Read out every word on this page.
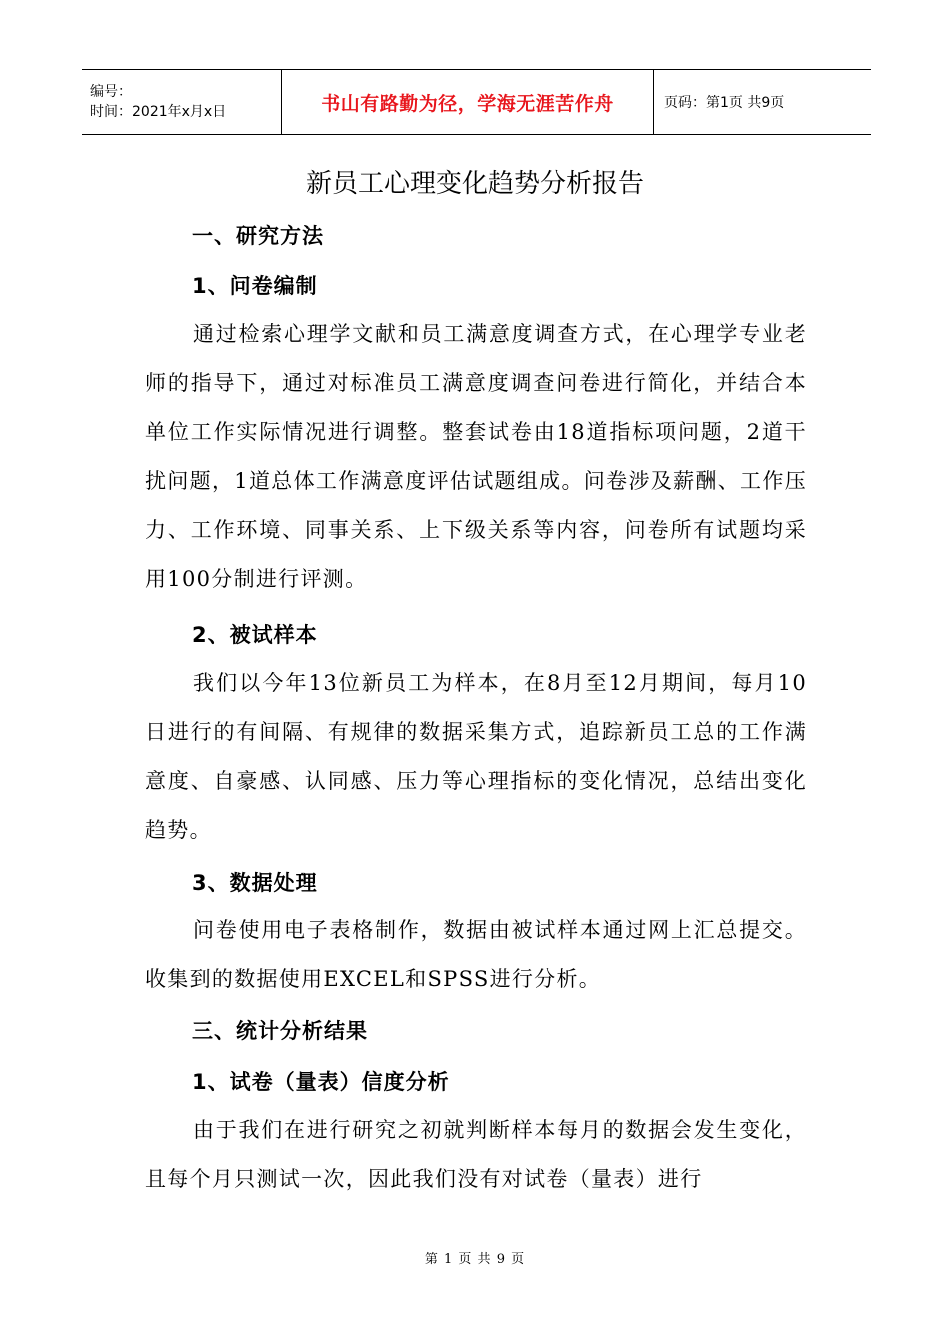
编号：
时间：2021年x月x日	书山有路勤为径，学海无涯苦作舟	页码：第1页 共9页
新员工心理变化趋势分析报告
一、研究方法
1、问卷编制

通过检索心理学文献和员工满意度调查方式，在心理学专业老师的指导下，通过对标准员工满意度调查问卷进行简化，并结合本单位工作实际情况进行调整。整套试卷由18道指标项问题，2道干扰问题，1道总体工作满意度评估试题组成。问卷涉及薪酬、工作压力、工作环境、同事关系、上下级关系等内容，问卷所有试题均采用100分制进行评测。

2、被试样本

我们以今年13位新员工为样本，在8月至12月期间，每月10日进行的有间隔、有规律的数据采集方式，追踪新员工总的工作满意度、自豪感、认同感、压力等心理指标的变化情况，总结出变化趋势。

3、数据处理

问卷使用电子表格制作，数据由被试样本通过网上汇总提交。收集到的数据使用EXCEL和SPSS进行分析。

三、统计分析结果
1、试卷（量表）信度分析

由于我们在进行研究之初就判断样本每月的数据会发生变化，且每个月只测试一次，因此我们没有对试卷（量表）进行

第 1 页 共 9 页
